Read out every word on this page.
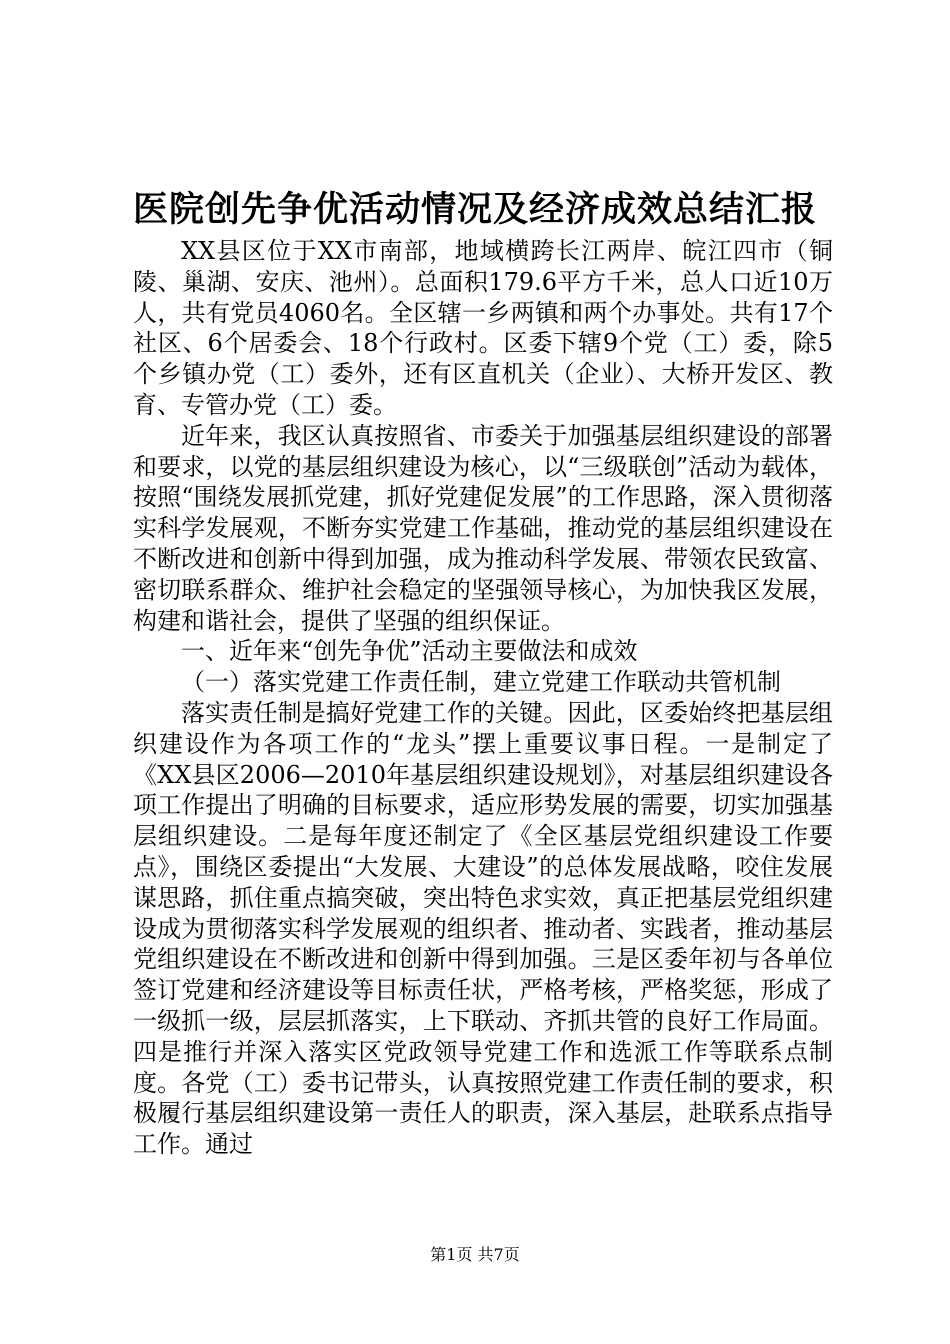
医院创先争优活动情况及经济成效总结汇报

XX县区位于XX市南部，地域横跨长江两岸、皖江四市（铜陵、巢湖、安庆、池州）。总面积179.6平方千米，总人口近10万人，共有党员4060名。全区辖一乡两镇和两个办事处。共有17个社区、6个居委会、18个行政村。区委下辖9个党（工）委，除5个乡镇办党（工）委外，还有区直机关（企业）、大桥开发区、教育、专管办党（工）委。

近年来，我区认真按照省、市委关于加强基层组织建设的部署和要求，以党的基层组织建设为核心，以“三级联创”活动为载体，按照“围绕发展抓党建，抓好党建促发展”的工作思路，深入贯彻落实科学发展观，不断夯实党建工作基础，推动党的基层组织建设在不断改进和创新中得到加强，成为推动科学发展、带领农民致富、密切联系群众、维护社会稳定的坚强领导核心，为加快我区发展，构建和谐社会，提供了坚强的组织保证。

一、近年来“创先争优”活动主要做法和成效

（一）落实党建工作责任制，建立党建工作联动共管机制

落实责任制是搞好党建工作的关键。因此，区委始终把基层组织建设作为各项工作的“龙头”摆上重要议事日程。一是制定了《XX县区2006—2010年基层组织建设规划》，对基层组织建设各项工作提出了明确的目标要求，适应形势发展的需要，切实加强基层组织建设。二是每年度还制定了《全区基层党组织建设工作要点》，围绕区委提出“大发展、大建设”的总体发展战略，咬住发展谋思路，抓住重点搞突破，突出特色求实效，真正把基层党组织建设成为贯彻落实科学发展观的组织者、推动者、实践者，推动基层党组织建设在不断改进和创新中得到加强。三是区委年初与各单位签订党建和经济建设等目标责任状，严格考核，严格奖惩，形成了一级抓一级，层层抓落实，上下联动、齐抓共管的良好工作局面。四是推行并深入落实区党政领导党建工作和选派工作等联系点制度。各党（工）委书记带头，认真按照党建工作责任制的要求，积极履行基层组织建设第一责任人的职责，深入基层，赴联系点指导工作。通过

第1页 共7页
